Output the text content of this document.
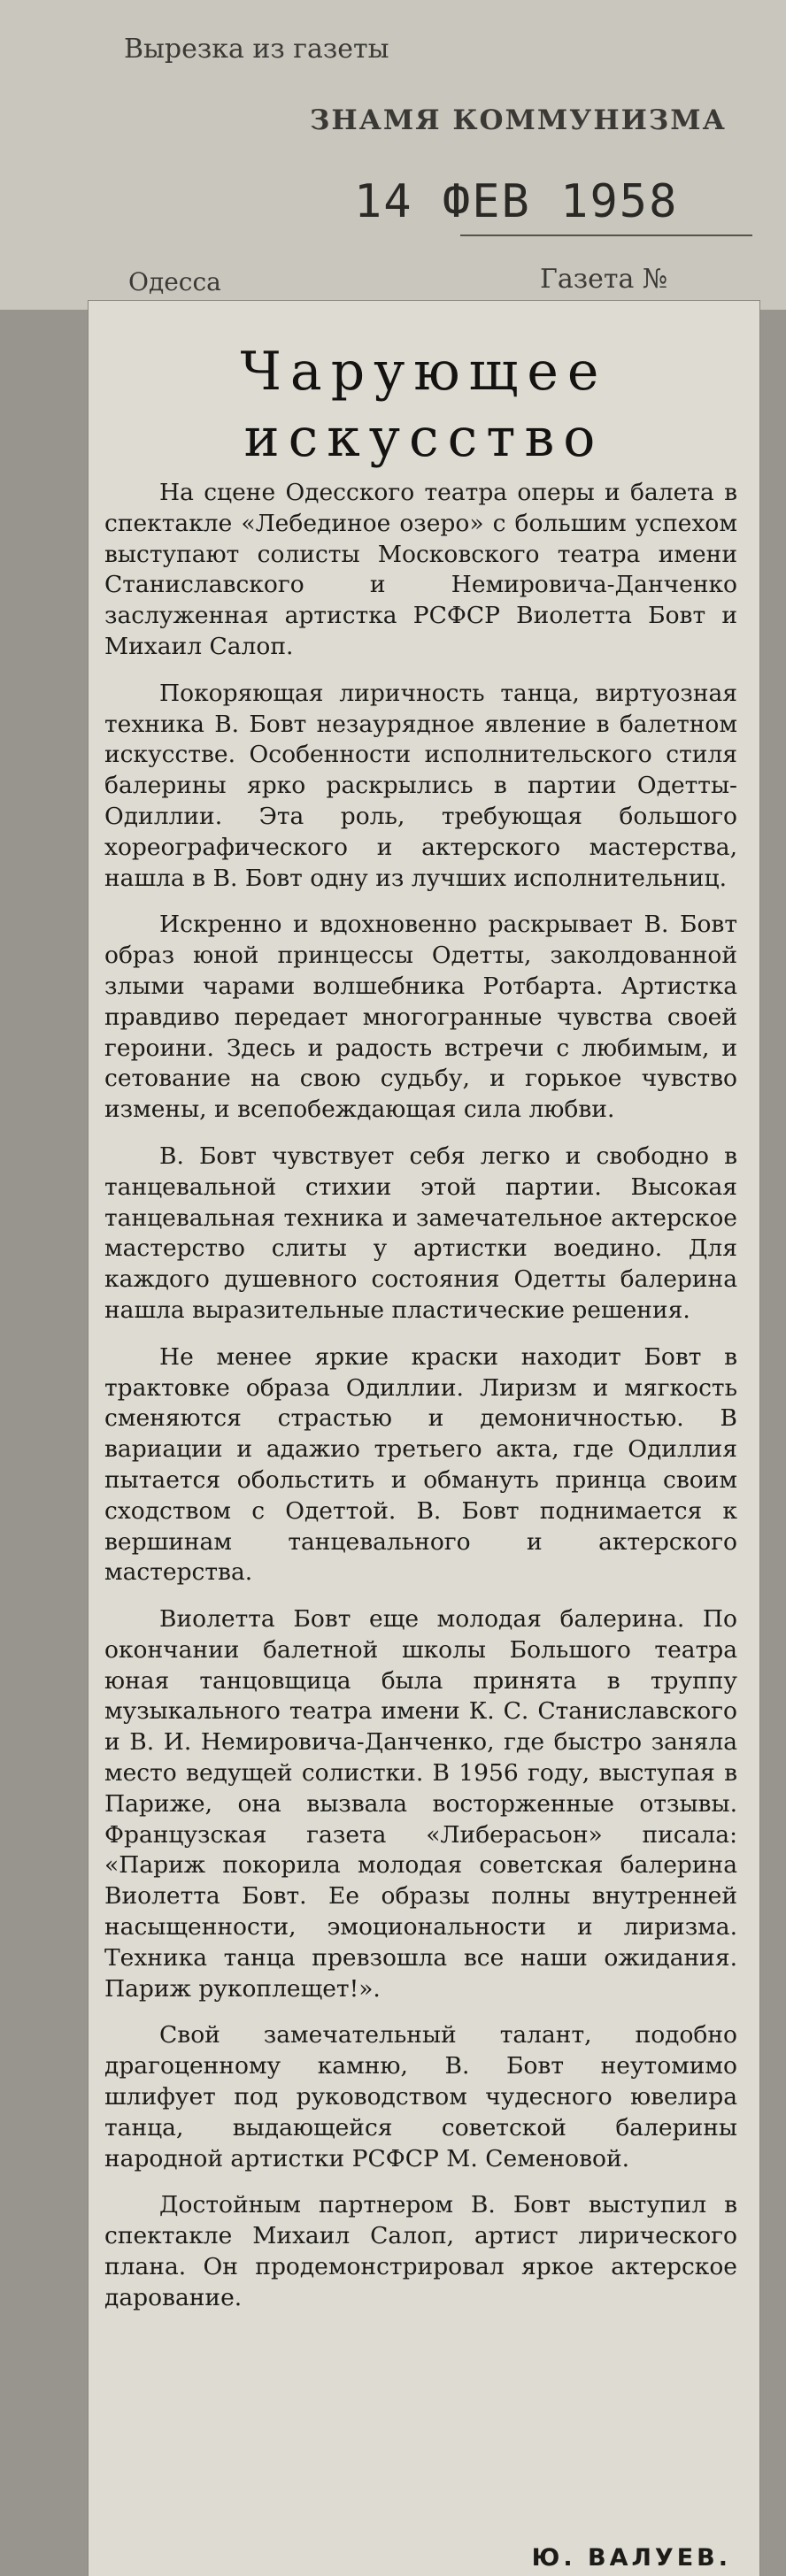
Вырезка из газеты
ЗНАМЯ КОММУНИЗМА
14 ФЕВ 1958
Одесса	Газета №
Чарующее
искусство

На сцене Одесского театра оперы и балета в спектакле «Лебединое озеро» с большим успехом выступают солисты Московского театра имени Станиславского и Немировича-Данченко заслуженная артистка РСФСР Виолетта Бовт и Михаил Салоп.

Покоряющая лиричность танца, виртуозная техника В. Бовт незаурядное явление в балетном искусстве. Особенности исполнительского стиля балерины ярко раскрылись в партии Одетты-Одиллии. Эта роль, требующая большого хореографического и актерского мастерства, нашла в В. Бовт одну из лучших исполнительниц.

Искренно и вдохновенно раскрывает В. Бовт образ юной принцессы Одетты, заколдованной злыми чарами волшебника Ротбарта. Артистка правдиво передает многогранные чувства своей героини. Здесь и радость встречи с любимым, и сетование на свою судьбу, и горькое чувство измены, и всепобеждающая сила любви.

В. Бовт чувствует себя легко и свободно в танцевальной стихии этой партии. Высокая танцевальная техника и замечательное актерское мастерство слиты у артистки воедино. Для каждого душевного состояния Одетты балерина нашла выразительные пластические решения.

Не менее яркие краски находит Бовт в трактовке образа Одиллии. Лиризм и мягкость сменяются страстью и демоничностью. В вариации и адажио третьего акта, где Одиллия пытается обольстить и обмануть принца своим сходством с Одеттой. В. Бовт поднимается к вершинам танцевального и актерского мастерства.

Виолетта Бовт еще молодая балерина. По окончании балетной школы Большого театра юная танцовщица была принята в труппу музыкального театра имени К. С. Станиславского и В. И. Немировича-Данченко, где быстро заняла место ведущей солистки. В 1956 году, выступая в Париже, она вызвала восторженные отзывы. Французская газета «Либерасьон» писала: «Париж покорила молодая советская балерина Виолетта Бовт. Ее образы полны внутренней насыщенности, эмоциональности и лиризма. Техника танца превзошла все наши ожидания. Париж рукоплещет!».

Свой замечательный талант, подобно драгоценному камню, В. Бовт неутомимо шлифует под руководством чудесного ювелира танца, выдающейся советской балерины народной артистки РСФСР М. Семеновой.

Достойным партнером В. Бовт выступил в спектакле Михаил Салоп, артист лирического плана. Он продемонстрировал яркое актерское дарование.

Ю. ВАЛУЕВ.
